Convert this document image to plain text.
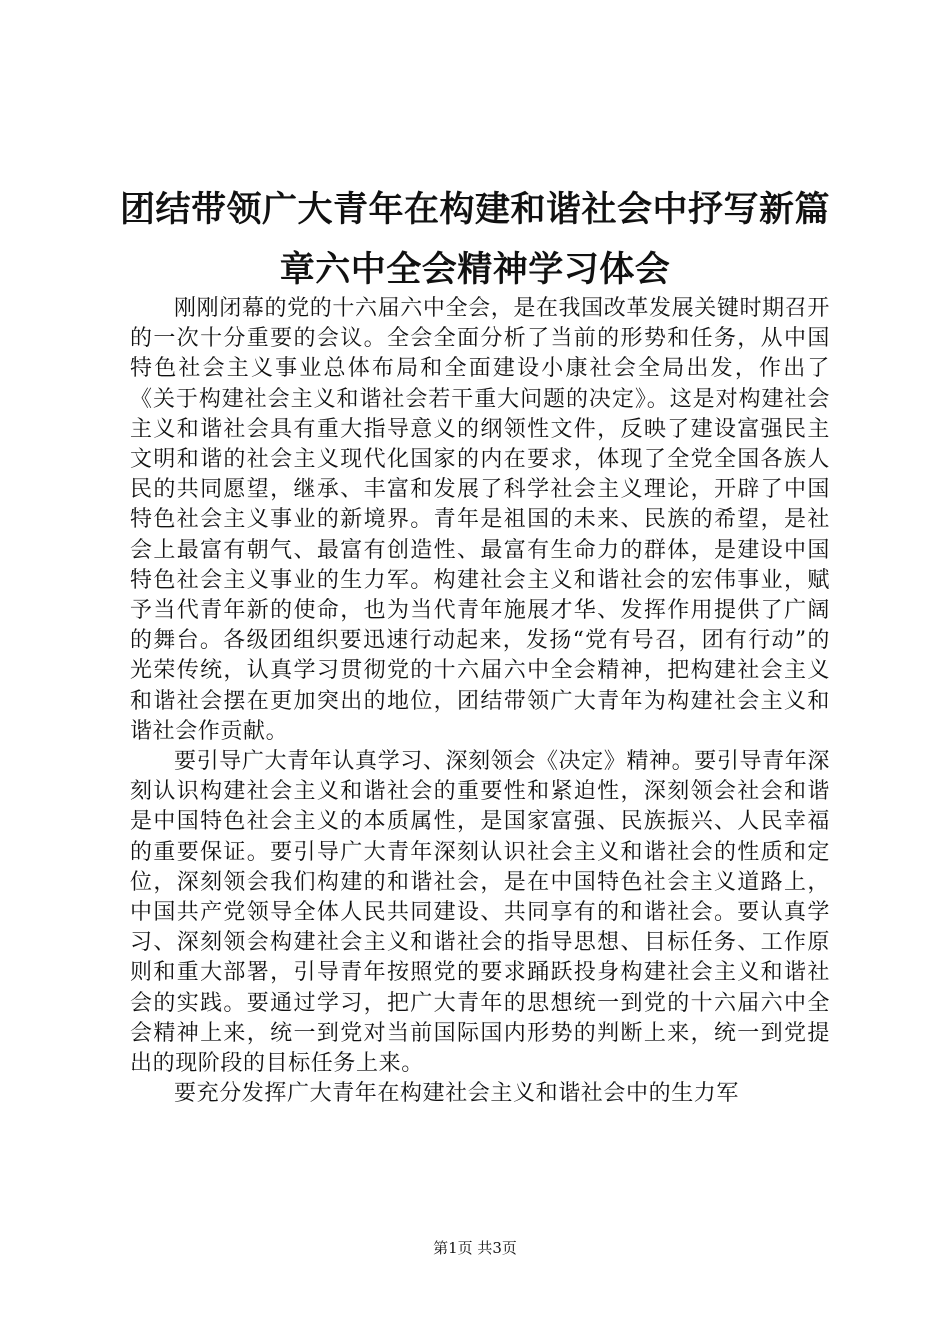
团结带领广大青年在构建和谐社会中抒写新篇章六中全会精神学习体会

刚刚闭幕的党的十六届六中全会，是在我国改革发展关键时期召开的一次十分重要的会议。全会全面分析了当前的形势和任务，从中国特色社会主义事业总体布局和全面建设小康社会全局出发，作出了《关于构建社会主义和谐社会若干重大问题的决定》。这是对构建社会主义和谐社会具有重大指导意义的纲领性文件，反映了建设富强民主文明和谐的社会主义现代化国家的内在要求，体现了全党全国各族人民的共同愿望，继承、丰富和发展了科学社会主义理论，开辟了中国特色社会主义事业的新境界。青年是祖国的未来、民族的希望，是社会上最富有朝气、最富有创造性、最富有生命力的群体，是建设中国特色社会主义事业的生力军。构建社会主义和谐社会的宏伟事业，赋予当代青年新的使命，也为当代青年施展才华、发挥作用提供了广阔的舞台。各级团组织要迅速行动起来，发扬“党有号召，团有行动”的光荣传统，认真学习贯彻党的十六届六中全会精神，把构建社会主义和谐社会摆在更加突出的地位，团结带领广大青年为构建社会主义和谐社会作贡献。

要引导广大青年认真学习、深刻领会《决定》精神。要引导青年深刻认识构建社会主义和谐社会的重要性和紧迫性，深刻领会社会和谐是中国特色社会主义的本质属性，是国家富强、民族振兴、人民幸福的重要保证。要引导广大青年深刻认识社会主义和谐社会的性质和定位，深刻领会我们构建的和谐社会，是在中国特色社会主义道路上，中国共产党领导全体人民共同建设、共同享有的和谐社会。要认真学习、深刻领会构建社会主义和谐社会的指导思想、目标任务、工作原则和重大部署，引导青年按照党的要求踊跃投身构建社会主义和谐社会的实践。要通过学习，把广大青年的思想统一到党的十六届六中全会精神上来，统一到党对当前国际国内形势的判断上来，统一到党提出的现阶段的目标任务上来。

要充分发挥广大青年在构建社会主义和谐社会中的生力军

第1页 共3页
